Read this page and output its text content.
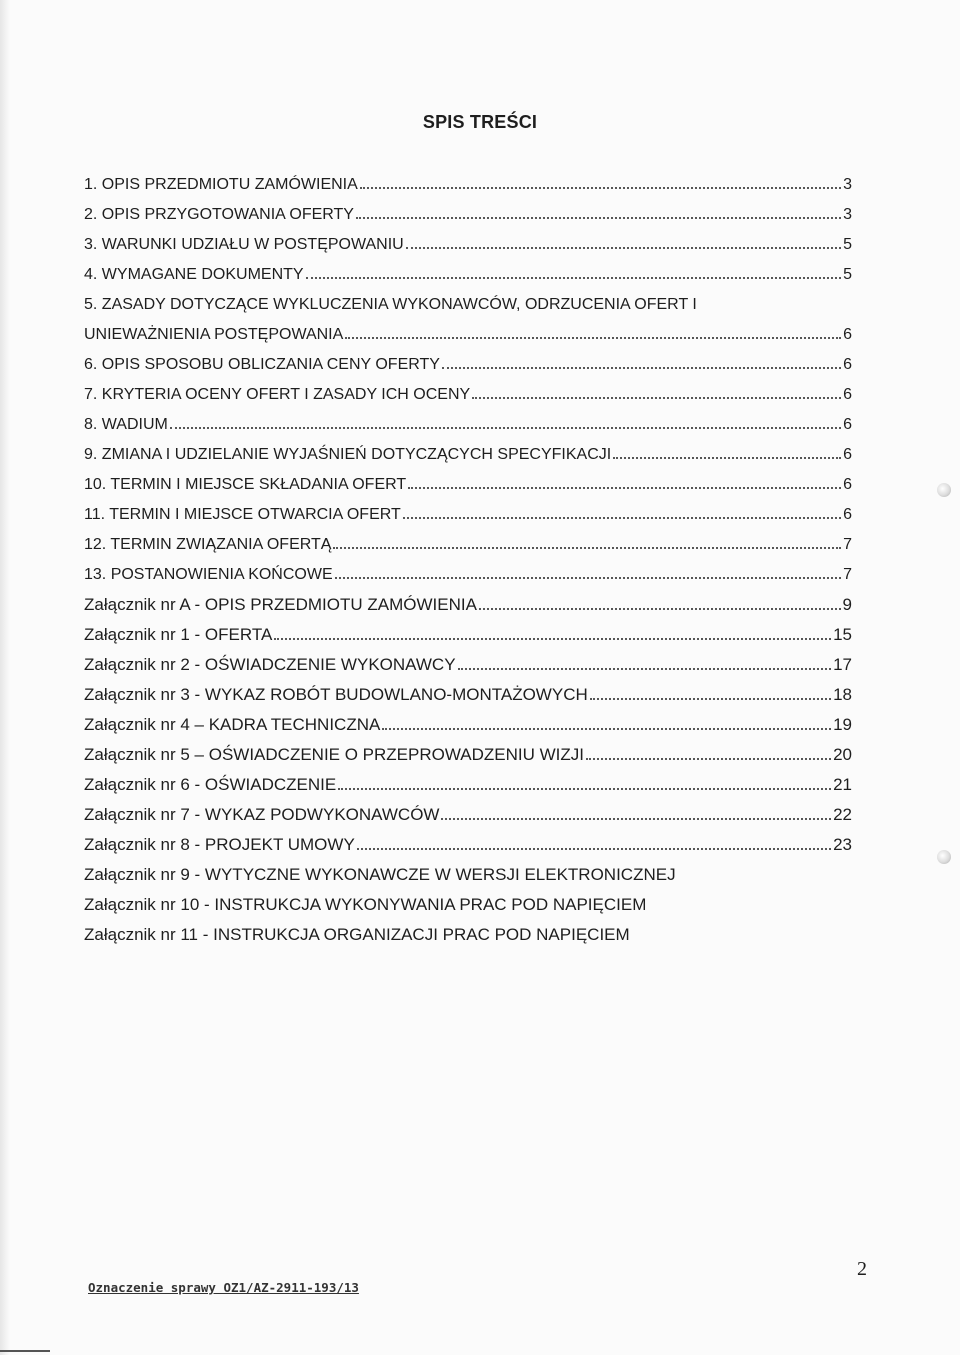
SPIS TREŚCI
1. OPIS PRZEDMIOTU ZAMÓWIENIA	3
2. OPIS PRZYGOTOWANIA OFERTY	3
3. WARUNKI UDZIAŁU W POSTĘPOWANIU	5
4. WYMAGANE DOKUMENTY	5
5. ZASADY DOTYCZĄCE WYKLUCZENIA WYKONAWCÓW, ODRZUCENIA OFERT I
UNIEWAŻNIENIA POSTĘPOWANIA	6
6. OPIS SPOSOBU OBLICZANIA CENY OFERTY	6
7. KRYTERIA OCENY OFERT I ZASADY ICH OCENY	6
8. WADIUM	6
9. ZMIANA I UDZIELANIE WYJAŚNIEŃ DOTYCZĄCYCH SPECYFIKACJI	6
10. TERMIN I MIEJSCE SKŁADANIA OFERT	6
11. TERMIN I MIEJSCE OTWARCIA OFERT	6
12. TERMIN ZWIĄZANIA OFERTĄ	7
13. POSTANOWIENIA KOŃCOWE	7
Załącznik nr A - OPIS PRZEDMIOTU ZAMÓWIENIA	9
Załącznik nr 1 - OFERTA	15
Załącznik nr 2 - OŚWIADCZENIE WYKONAWCY	17
Załącznik nr 3 - WYKAZ ROBÓT BUDOWLANO-MONTAŻOWYCH	18
Załącznik nr 4 – KADRA TECHNICZNA	19
Załącznik nr 5 – OŚWIADCZENIE O PRZEPROWADZENIU WIZJI	20
Załącznik nr 6 - OŚWIADCZENIE	21
Załącznik nr 7 - WYKAZ PODWYKONAWCÓW	22
Załącznik nr 8 - PROJEKT UMOWY	23
Załącznik nr 9 - WYTYCZNE WYKONAWCZE W WERSJI ELEKTRONICZNEJ
Załącznik nr 10 - INSTRUKCJA WYKONYWANIA PRAC POD NAPIĘCIEM
Załącznik nr 11 - INSTRUKCJA ORGANIZACJI PRAC POD NAPIĘCIEM
2
Oznaczenie sprawy OZ1/AZ-2911-193/13
